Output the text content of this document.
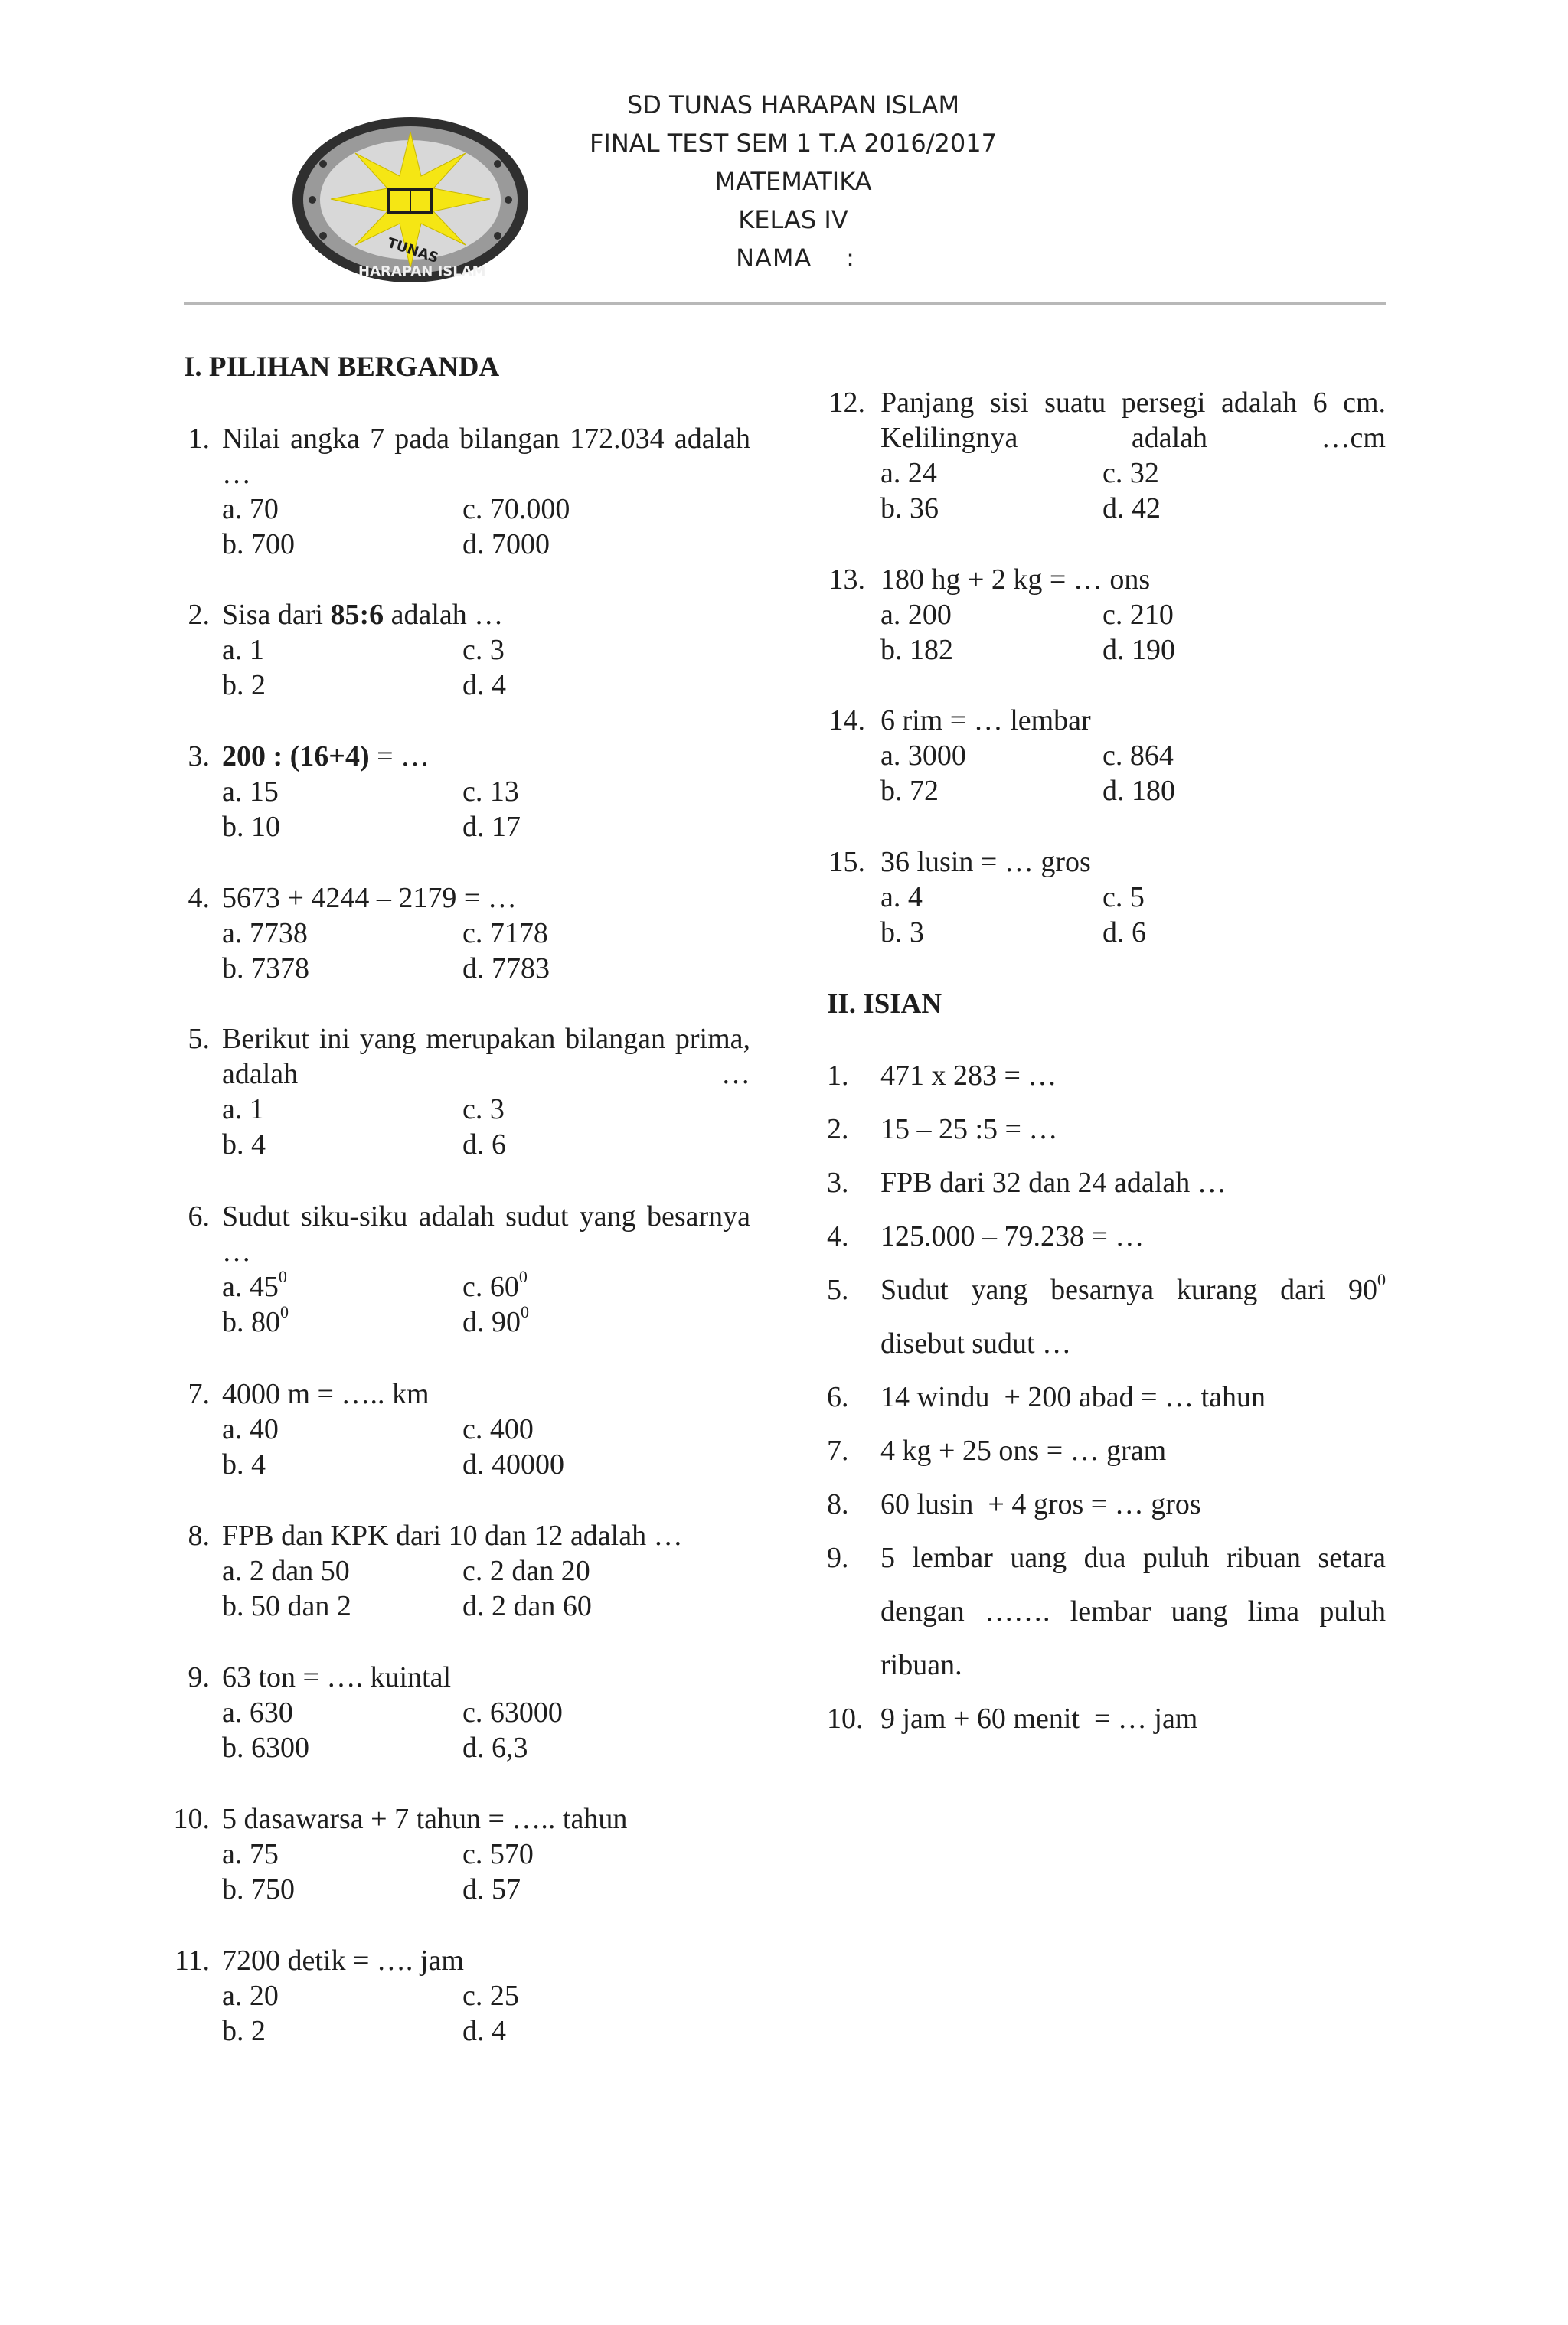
TUNAS
HARAPAN ISLAM
SD TUNAS HARAPAN ISLAM
FINAL TEST SEM 1 T.A 2016/2017
MATEMATIKA
KELAS IV
NAMA    :
I. PILIHAN BERGANDA
1. Nilai angka 7 pada bilangan 172.034 adalah …
a. 70	c. 70.000
b. 700	d. 7000
2. Sisa dari 85:6 adalah …
a. 1	c. 3
b. 2	d. 4
3. 200 : (16+4) = …
a. 15	c. 13
b. 10	d. 17
4. 5673 + 4244 – 2179 = …
a. 7738	c. 7178
b. 7378	d. 7783
5. Berikut ini yang merupakan bilangan prima, adalah …
a. 1	c. 3
b. 4	d. 6
6. Sudut siku-siku adalah sudut yang besarnya …
a. $45^0$	c. $60^0$
b. $80^0$	d. $90^0$
7. 4000 m = ….. km
a. 40	c. 400
b. 4	d. 40000
8. FPB dan KPK dari 10 dan 12 adalah …
a. 2 dan 50	c. 2 dan 20
b. 50 dan 2	d. 2 dan 60
9. 63 ton = …. kuintal
a. 630	c. 63000
b. 6300	d. 6,3
10. 5 dasawarsa + 7 tahun = ….. tahun
a. 75	c. 570
b. 750	d. 57
11. 7200 detik = …. jam
a. 20	c. 25
b. 2	d. 4
12. Panjang sisi suatu persegi adalah 6 cm. Kelilingnya adalah …cm
a. 24	c. 32
b. 36	d. 42
13. 180 hg + 2 kg = … ons
a. 200	c. 210
b. 182	d. 190
14. 6 rim = … lembar
a. 3000	c. 864
b. 72	d. 180
15. 36 lusin = … gros
a. 4	c. 5
b. 3	d. 6
II. ISIAN
1.	471 x 283 = …
2.	15 – 25 :5 = …
3.	FPB dari 32 dan 24 adalah …
4.	125.000 – 79.238 = …
5.	Sudut yang besarnya kurang dari $90^0$
disebut sudut …
6.	14 windu  + 200 abad = … tahun
7.	4 kg + 25 ons = … gram
8.	60 lusin  + 4 gros = … gros
9.	5 lembar uang dua puluh ribuan setara
dengan ……. lembar uang lima puluh
ribuan.
10. 9 jam + 60 menit  = … jam
